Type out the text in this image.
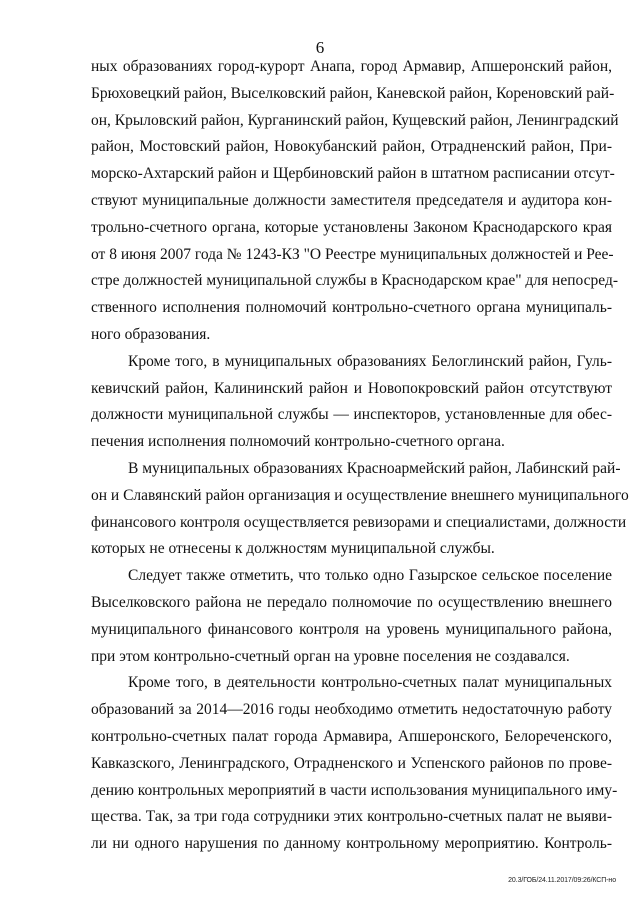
6
ных образованиях город-курорт Анапа, город Армавир, Апшеронский район,
Брюховецкий район, Выселковский район, Каневской район, Кореновский рай-
он, Крыловский район, Курганинский район, Кущевский район, Ленинградский
район, Мостовский район, Новокубанский район, Отрадненский район, При-
морско-Ахтарский район и Щербиновский район в штатном расписании отсут-
ствуют муниципальные должности заместителя председателя и аудитора кон-
трольно-счетного органа, которые установлены Законом Краснодарского края
от 8 июня 2007 года № 1243-КЗ "О Реестре муниципальных должностей и Рее-
стре должностей муниципальной службы в Краснодарском крае" для непосред-
ственного исполнения полномочий контрольно-счетного органа муниципаль-
ного образования.
Кроме того, в муниципальных образованиях Белоглинский район, Гуль-
кевичский район, Калининский район и Новопокровский район отсутствуют
должности муниципальной службы — инспекторов, установленные для обес-
печения исполнения полномочий контрольно-счетного органа.
В муниципальных образованиях Красноармейский район, Лабинский рай-
он и Славянский район организация и осуществление внешнего муниципального
финансового контроля осуществляется ревизорами и специалистами, должности
которых не отнесены к должностям муниципальной службы.
Следует также отметить, что только одно Газырское сельское поселение
Выселковского района не передало полномочие по осуществлению внешнего
муниципального финансового контроля на уровень муниципального района,
при этом контрольно-счетный орган на уровне поселения не создавался.
Кроме того, в деятельности контрольно-счетных палат муниципальных
образований за 2014—2016 годы необходимо отметить недостаточную работу
контрольно-счетных палат города Армавира, Апшеронского, Белореченского,
Кавказского, Ленинградского, Отрадненского и Успенского районов по прове-
дению контрольных мероприятий в части использования муниципального иму-
щества. Так, за три года сотрудники этих контрольно-счетных палат не выяви-
ли ни одного нарушения по данному контрольному мероприятию. Контроль-
20.3/ГОБ/24.11.2017/09:26/КСП-но
